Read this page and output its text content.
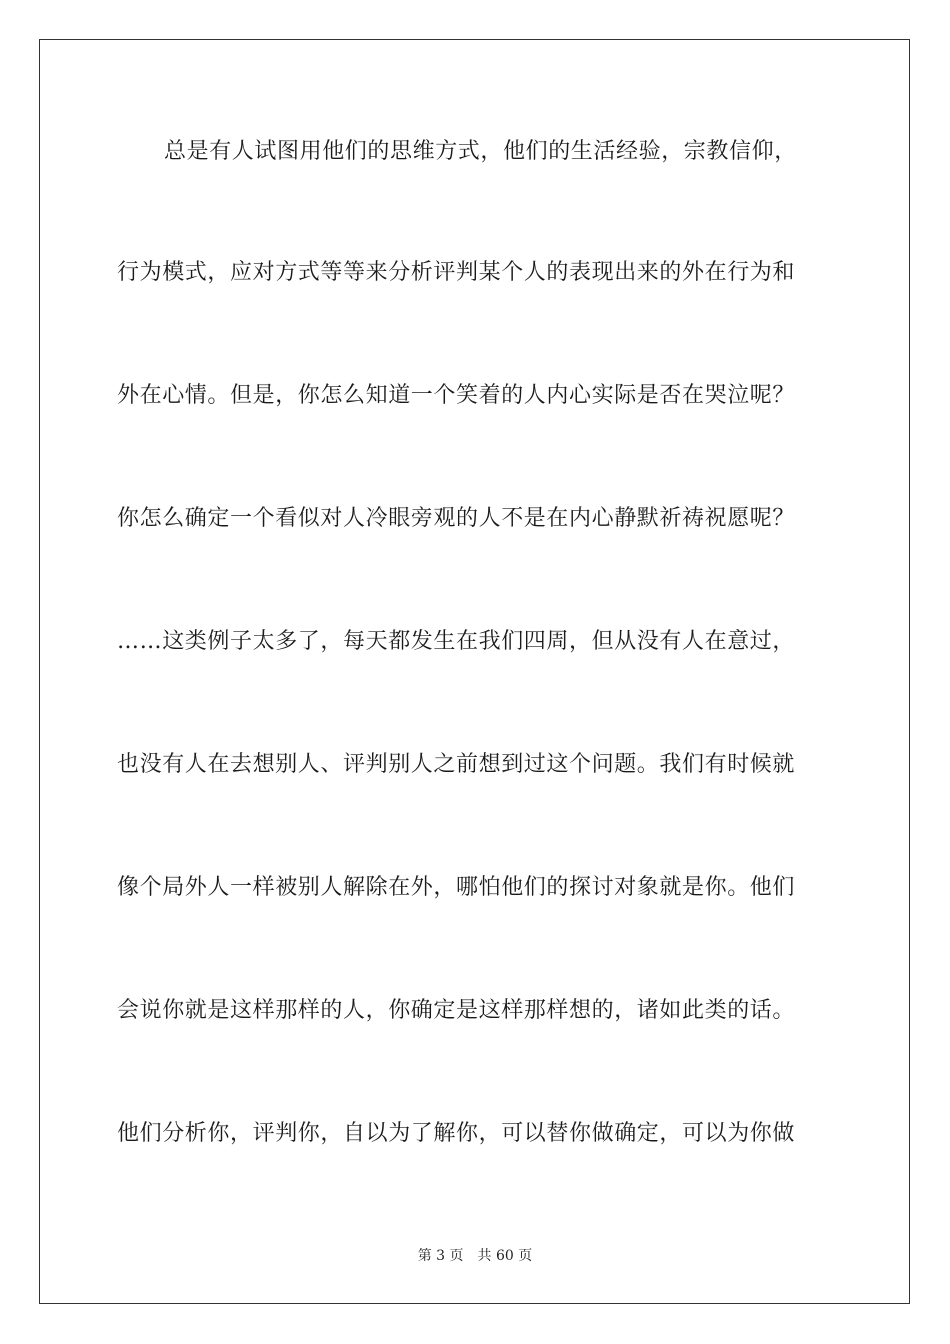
总是有人试图用他们的思维方式，他们的生活经验，宗教信仰，
行为模式，应对方式等等来分析评判某个人的表现出来的外在行为和
外在心情。但是，你怎么知道一个笑着的人内心实际是否在哭泣呢？
你怎么确定一个看似对人冷眼旁观的人不是在内心静默祈祷祝愿呢？
……这类例子太多了，每天都发生在我们四周，但从没有人在意过，
也没有人在去想别人、评判别人之前想到过这个问题。我们有时候就
像个局外人一样被别人解除在外，哪怕他们的探讨对象就是你。他们
会说你就是这样那样的人，你确定是这样那样想的，诸如此类的话。
他们分析你，评判你，自以为了解你，可以替你做确定，可以为你做
第 3 页 共 60 页
